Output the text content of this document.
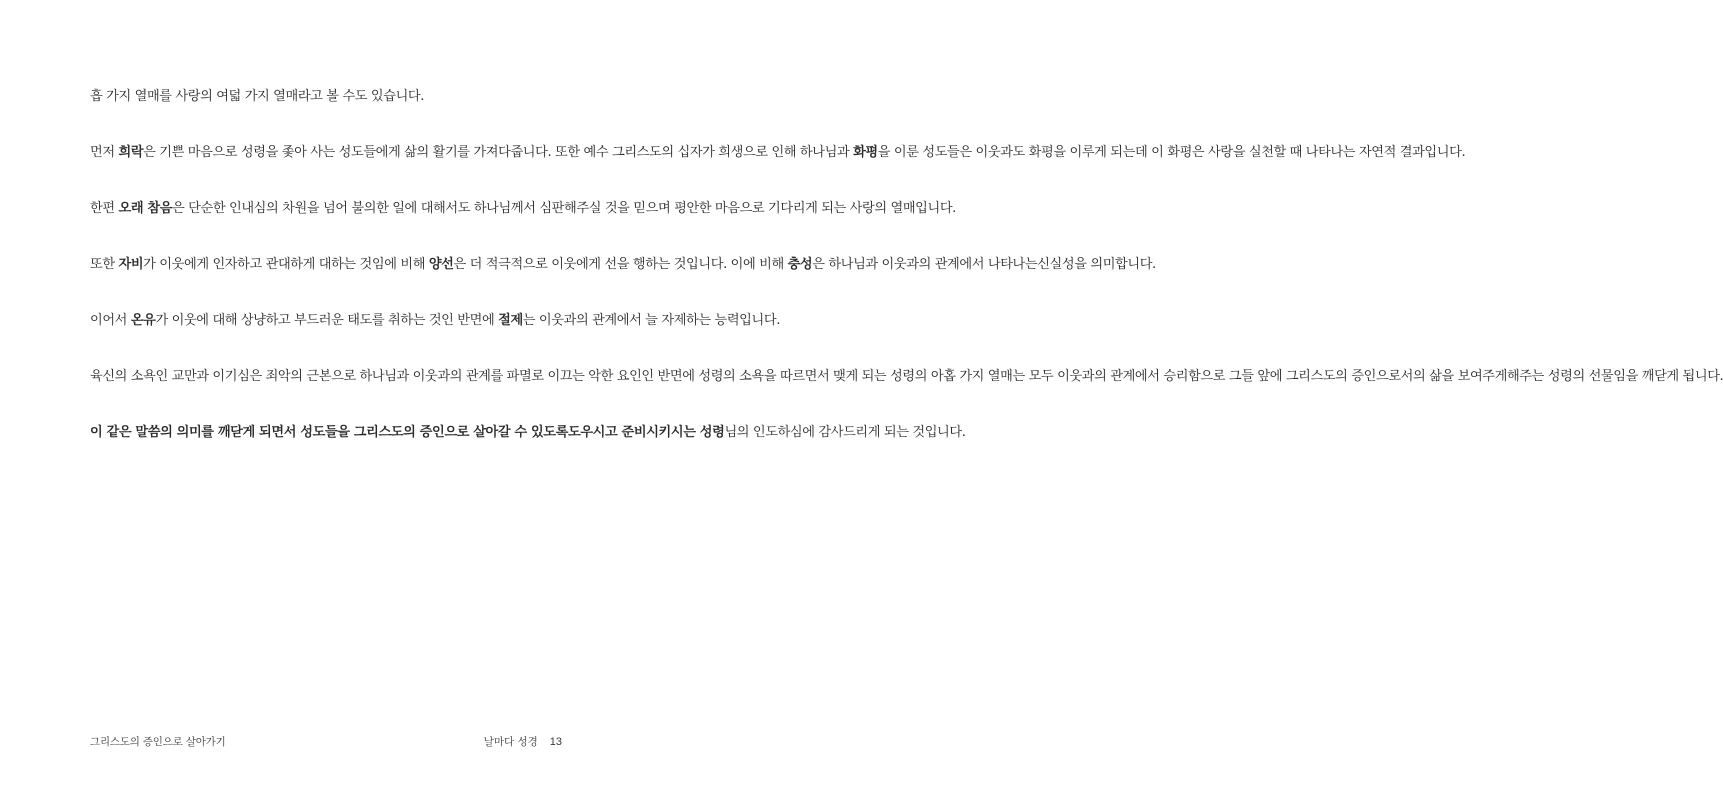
흡 가지 열매를 사랑의 여덟 가지 열매라고 볼 수도 있습니다.

먼저 희락은 기쁜 마음으로 성령을 좇아 사는 성도들에게 삶의 활기를 가져다줍니다. 또한 예수 그리스도의 십자가 희생으로 인해 하나님과 화평을 이룬 성도들은 이웃과도 화평을 이루게 되는데 이 화평은 사랑을 실천할 때 나타나는 자연적 결과입니다.

한편 오래 참음은 단순한 인내심의 차원을 넘어 불의한 일에 대해서도 하나님께서 심판해주실 것을 믿으며 평안한 마음으로 기다리게 되는 사랑의 열매입니다.

또한 자비가 이웃에게 인자하고 관대하게 대하는 것임에 비해 양선은 더 적극적으로 이웃에게 선을 행하는 것입니다. 이에 비해 충성은 하나님과 이웃과의 관계에서 나타나는신실성을 의미합니다.

이어서 온유가 이웃에 대해 상냥하고 부드러운 태도를 취하는 것인 반면에 절제는 이웃과의 관계에서 늘 자제하는 능력입니다.

육신의 소욕인 교만과 이기심은 죄악의 근본으로 하나님과 이웃과의 관계를 파멸로 이끄는 악한 요인인 반면에 성령의 소욕을 따르면서 맺게 되는 성령의 아홉 가지 열매는 모두 이웃과의 관계에서 승리함으로 그들 앞에 그리스도의 증인으로서의 삶을 보여주게해주는 성령의 선물임을 깨닫게 됩니다.

이 같은 말씀의 의미를 깨닫게 되면서 성도들을 그리스도의 증인으로 살아갈 수 있도록도우시고 준비시키시는 성령님의 인도하심에 감사드리게 되는 것입니다.

그리스도의 증인으로 살아가기	날마다 성경 13
